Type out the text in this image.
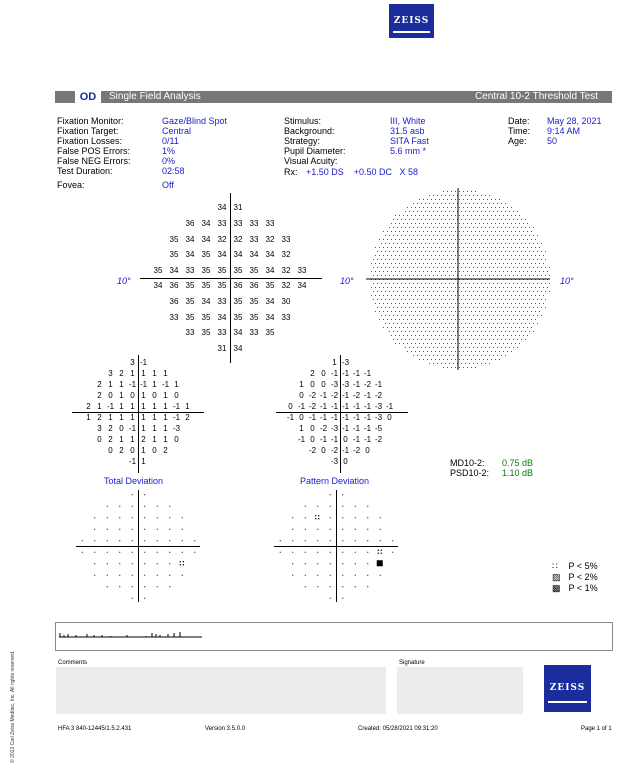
ZEISS
OD	Single Field Analysis	Central 10-2 Threshold Test
Fixation Monitor:	Gaze/Blind Spot
Fixation Target:	Central
Fixation Losses:	0/11
False POS Errors:	1%
False NEG Errors:	0%
Test Duration:	02:58
Fovea:	Off
Stimulus:	III, White
Background:	31.5 asb
Strategy:	SITA Fast
Pupil Diameter:	5.6 mm *
Visual Acuity:
Rx: +1.50 DS    +0.50 DC   X 58
Date: May 28, 2021
Time: 9:14 AM
Age: 50
34 31
36 34 33 33 33 33
35 34 34 32 32 33 32 33
35 34 35 34 34 34 34 32
35 34 33 35 35 35 35 34 32 33
34 36 35 35 35 36 36 35 32 34
36 35 34 33 35 35 34 30
33 35 35 34 35 35 34 33
33 35 33 34 33 35
31 34
10°	10°	10°
3 -1
3 2 1 1 1 1
2 1 1 -1 -1 1 -1 1
2 0 1 0 1 0 1 0
2 1 -1 1 1 1 1 1 -1 1
1 2 1 1 1 1 1 1 -1 2
3 2 0 -1 1 1 1 -3
0 2 1 1 2 1 1 0
0 2 0 1 0 2
-1 1
Total Deviation
1 -3
2 0 -1 -1 -1 -1
1 0 0 -3 -3 -1 -2 -1
0 -2 -1 -2 -1 -2 -1 -2
0 -1 -2 -1 -1 -1 -1 -1 -3 -1
-1 0 -1 -1 -1 -1 -1 -1 -3 0
1 0 -2 -3 -1 -1 -1 -5
-1 0 -1 -1 0 -1 -1 -2
-2 0 -2 -1 -2 0
-3 0
Pattern Deviation
MD10-2: 0.75 dB
PSD10-2: 1.10 dB
∷ P < 5%
▨ P < 2%
▩ P < 1%
Comments	Signature
ZEISS
HFA 3 840-12445/1.5.2.431	Version 3.5.0.0	Created: 05/28/2021 09:31:20	Page 1 of 1
© 2013 Carl Zeiss Meditec, Inc. All rights reserved.
